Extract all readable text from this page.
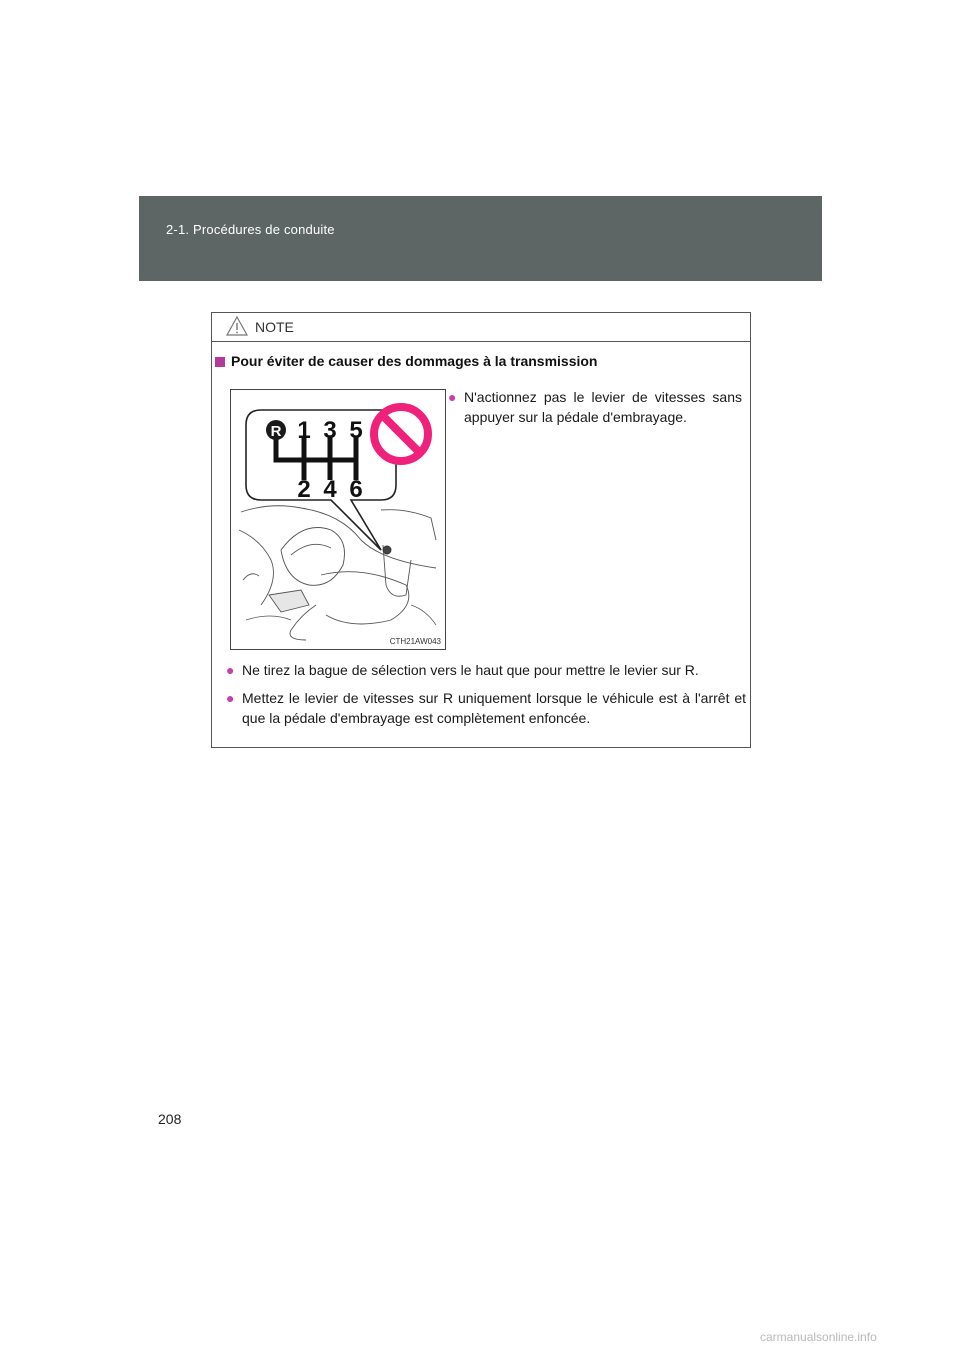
2-1. Procédures de conduite
NOTE
Pour éviter de causer des dommages à la transmission
R 1 3 5
2 4 6
CTH21AW043
● N'actionnez pas le levier de vitesses sans appuyer sur la pédale d'embrayage.
● Ne tirez la bague de sélection vers le haut que pour mettre le levier sur R.
● Mettez le levier de vitesses sur R uniquement lorsque le véhicule est à l'arrêt et que la pédale d'embrayage est complètement enfoncée.
208
carmanualsonline.info
